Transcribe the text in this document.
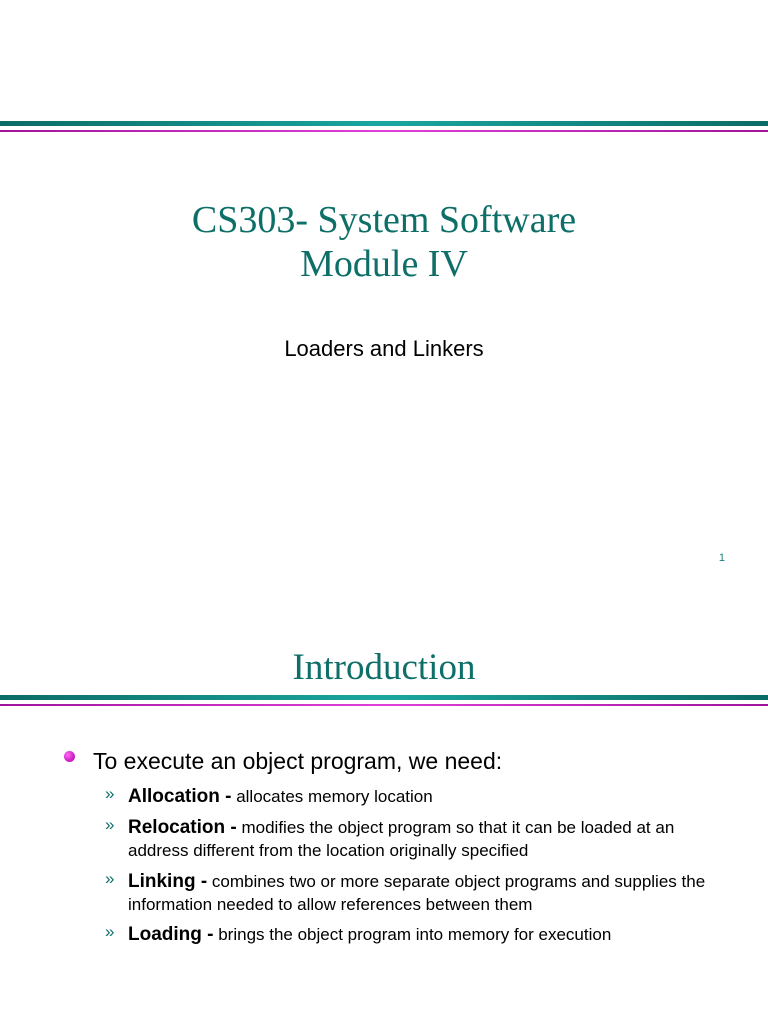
CS303- System Software
Module IV
Loaders and Linkers
1
Introduction
To execute an object program, we need:
» Allocation - allocates memory location
» Relocation - modifies the object program so that it can be loaded at an address different from the location originally specified
» Linking - combines two or more separate object programs and supplies the information needed to allow references between them
» Loading - brings the object program into memory for execution
